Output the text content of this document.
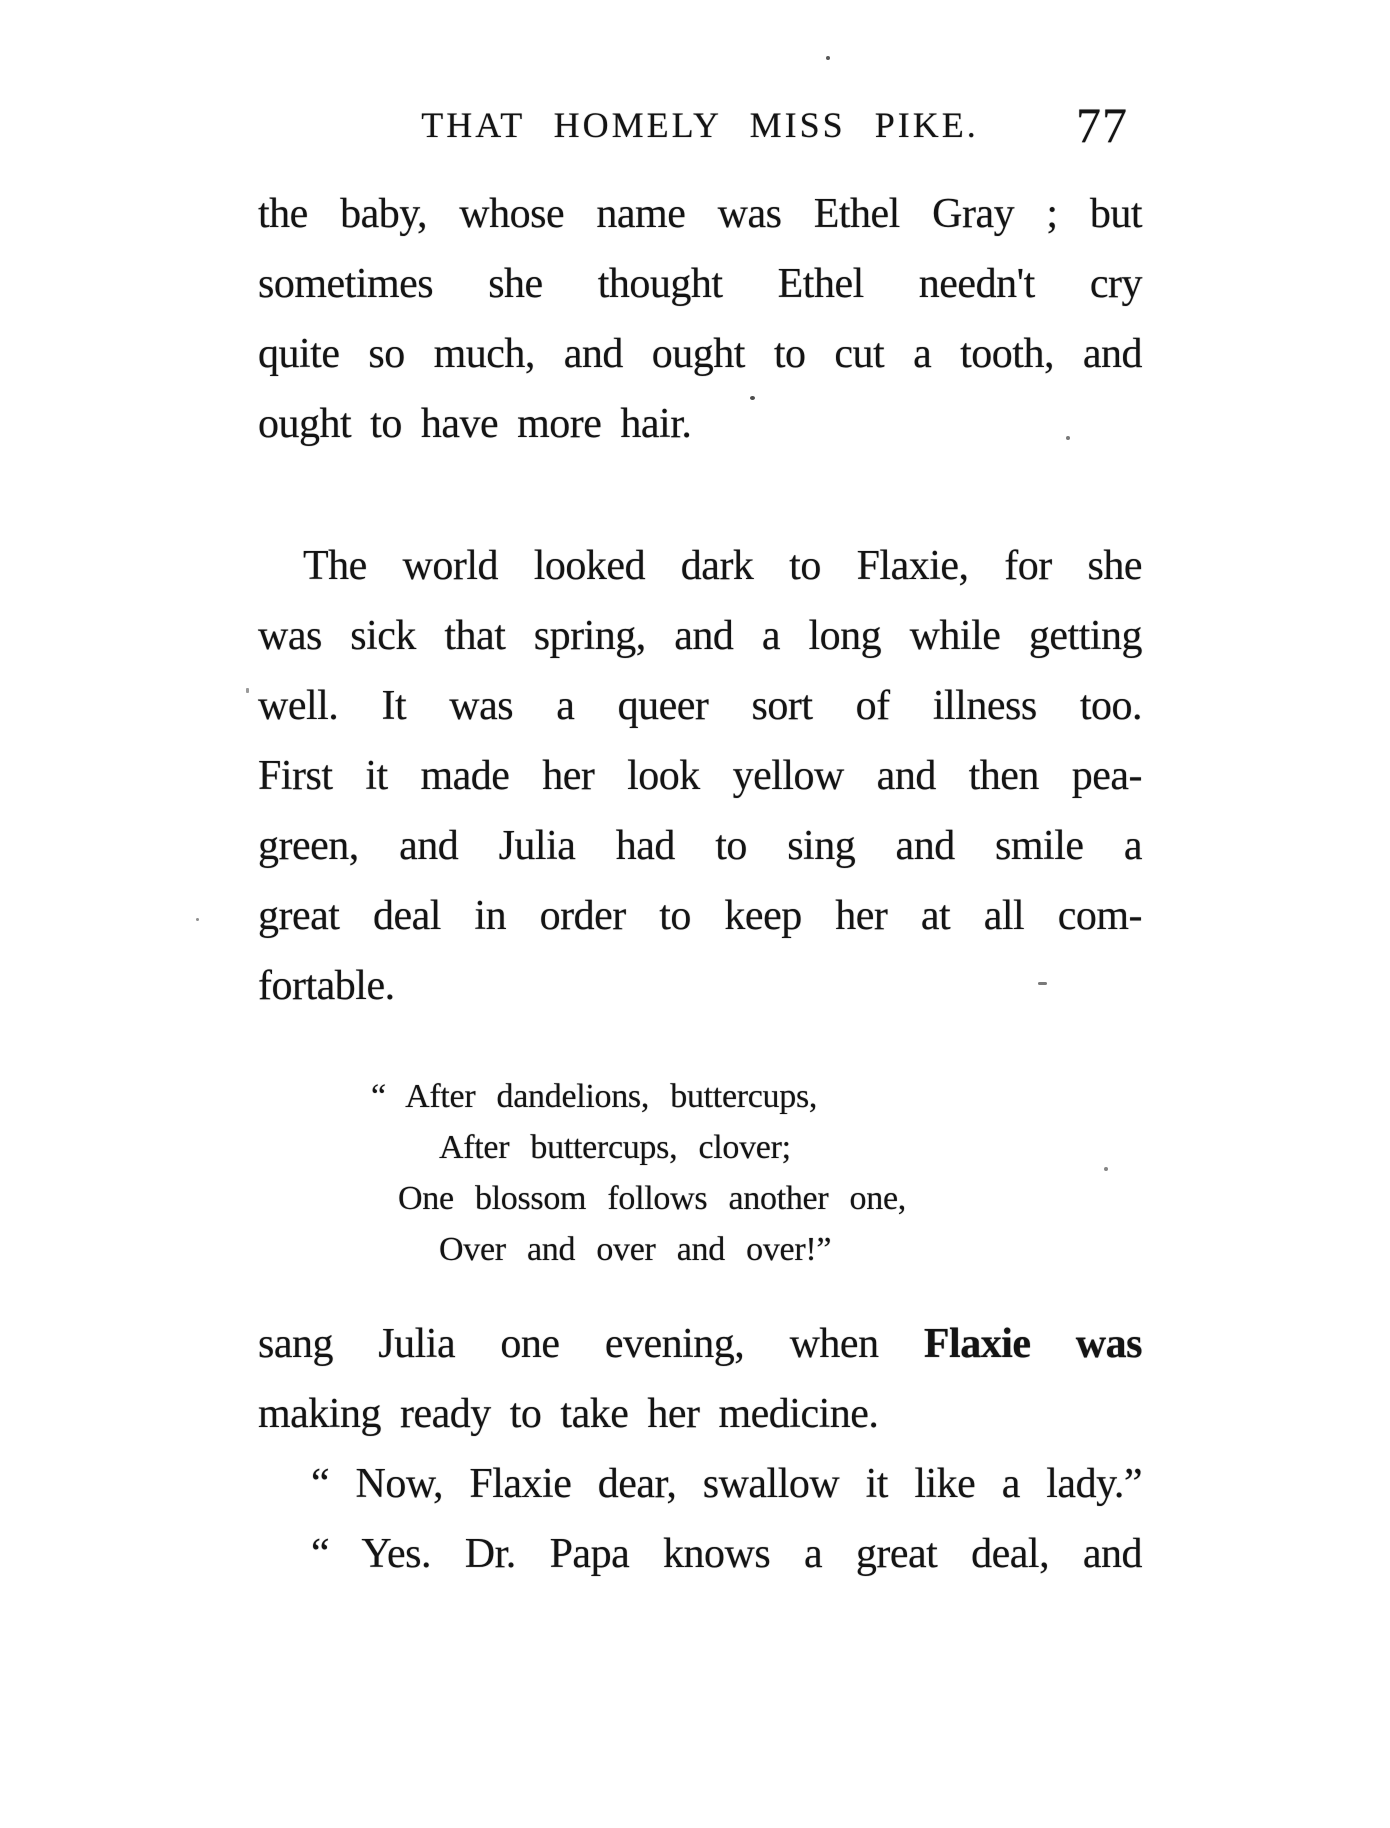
THAT HOMELY MISS PIKE.	77
the baby, whose name was Ethel Gray ; but
sometimes she thought Ethel needn't cry
quite so much, and ought to cut a tooth, and
ought to have more hair.
The world looked dark to Flaxie, for she
was sick that spring, and a long while getting
well. It was a queer sort of illness too.
First it made her look yellow and then pea-
green, and Julia had to sing and smile a
great deal in order to keep her at all com-
fortable.
“ After dandelions, buttercups,
After buttercups, clover;
One blossom follows another one,
Over and over and over!”
sang Julia one evening, when Flaxie was
making ready to take her medicine.
“ Now, Flaxie dear, swallow it like a lady.”
“ Yes. Dr. Papa knows a great deal, and
